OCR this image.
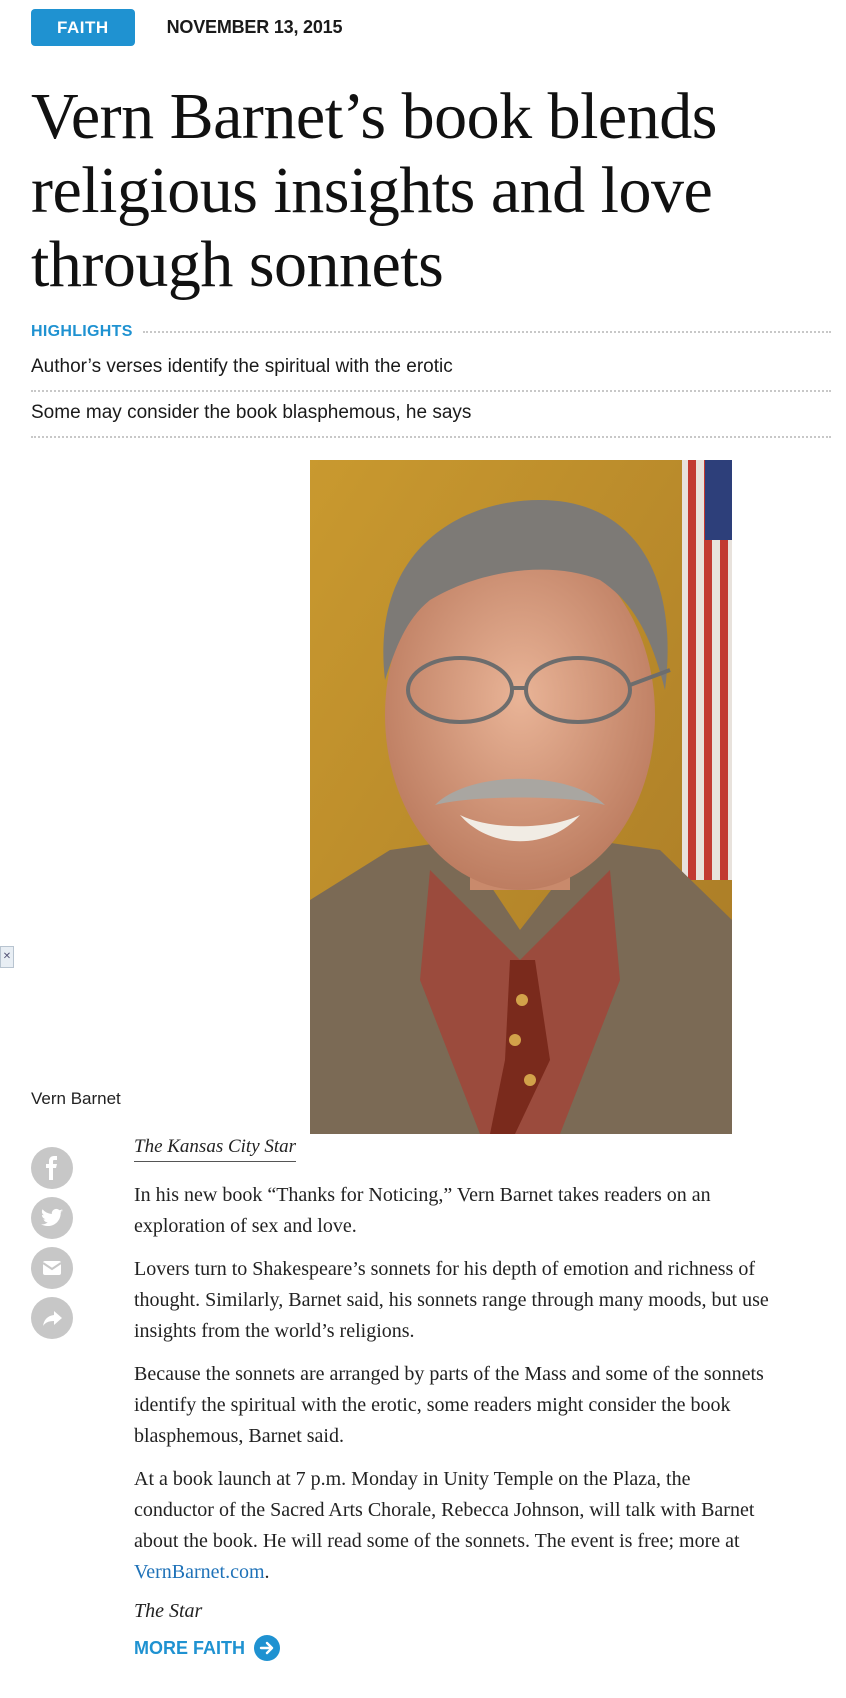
FAITH	NOVEMBER 13, 2015
Vern Barnet’s book blends religious insights and love through sonnets
HIGHLIGHTS
Author’s verses identify the spiritual with the erotic
Some may consider the book blasphemous, he says
✕
Vern Barnet
The Kansas City Star

In his new book “Thanks for Noticing,” Vern Barnet takes readers on an exploration of sex and love.

Lovers turn to Shakespeare’s sonnets for his depth of emotion and richness of thought. Similarly, Barnet said, his sonnets range through many moods, but use insights from the world’s religions.

Because the sonnets are arranged by parts of the Mass and some of the sonnets identify the spiritual with the erotic, some readers might consider the book blasphemous, Barnet said.

At a book launch at 7 p.m. Monday in Unity Temple on the Plaza, the conductor of the Sacred Arts Chorale, Rebecca Johnson, will talk with Barnet about the book. He will read some of the sonnets. The event is free; more at VernBarnet.com.

The Star
MORE FAITH
